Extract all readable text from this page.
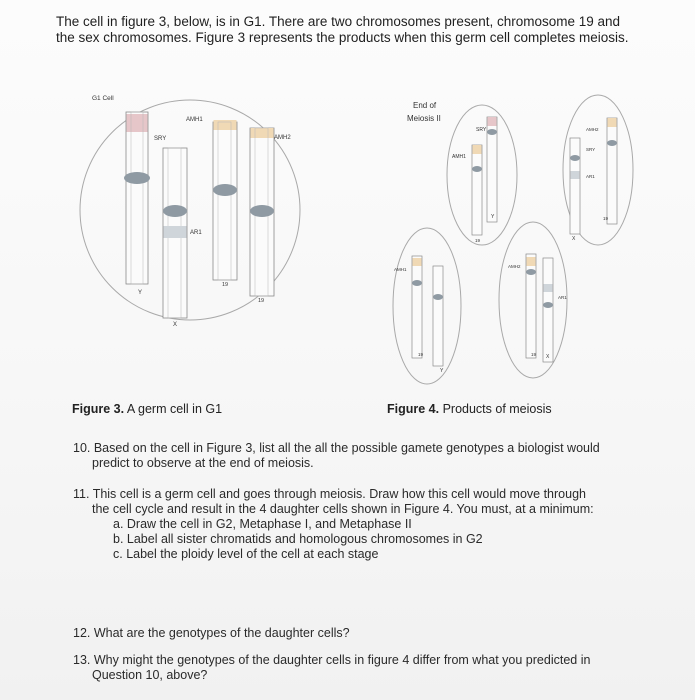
The cell in figure 3, below, is in G1. There are two chromosomes present, chromosome 19 and
the sex chromosomes. Figure 3 represents the products when this germ cell completes meiosis.
G1 Cell
SRY
Y
AR1
X
AMH1
19
AMH2
19
End of
Meiosis II
SRY
AMH1
Y
19
AMH2
SRY
AR1
X
19
AMH1
19
Y
AMH2
AR1
19 X
Figure 3. A germ cell in G1	Figure 4. Products of meiosis
10. Based on the cell in Figure 3, list all the all the possible gamete genotypes a biologist would
predict to observe at the end of meiosis.
11. This cell is a germ cell and goes through meiosis. Draw how this cell would move through
the cell cycle and result in the 4 daughter cells shown in Figure 4. You must, at a minimum:
a. Draw the cell in G2, Metaphase I, and Metaphase II
b. Label all sister chromatids and homologous chromosomes in G2
c. Label the ploidy level of the cell at each stage
12. What are the genotypes of the daughter cells?
13. Why might the genotypes of the daughter cells in figure 4 differ from what you predicted in
Question 10, above?
